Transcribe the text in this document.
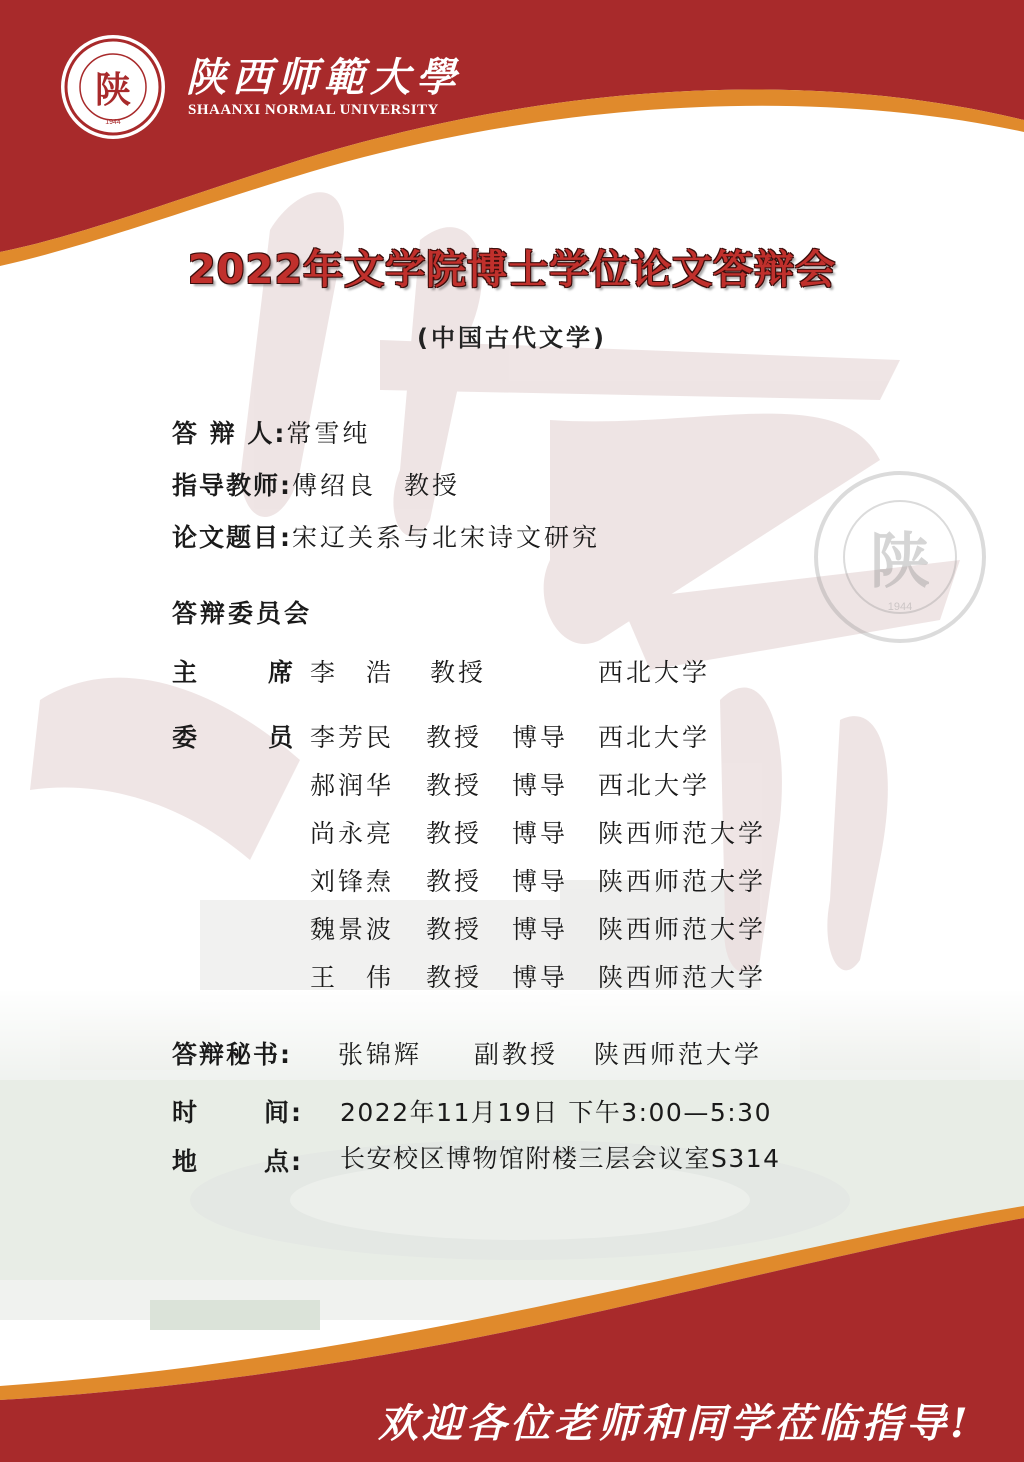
陕
1944
陕
1944
陕西师範大學
SHAANXI NORMAL UNIVERSITY
2022年文学院博士学位论文答辩会
(中国古代文学)
答 辩 人:常雪纯
指导教师:傅绍良　教授
论文题目:宋辽关系与北宋诗文研究
答辩委员会
主	席 李　浩 教授	西北大学
委	员 李芳民 教授 博导 西北大学
郝润华 教授 博导 西北大学
尚永亮 教授 博导 陕西师范大学
刘锋焘 教授 博导 陕西师范大学
魏景波 教授 博导 陕西师范大学
王　伟 教授 博导 陕西师范大学
答辩秘书: 张锦辉 副教授 陕西师范大学
时	间: 2022年11月19日 下午3:00—5:30
地	点: 长安校区博物馆附楼三层会议室S314
欢迎各位老师和同学莅临指导!
